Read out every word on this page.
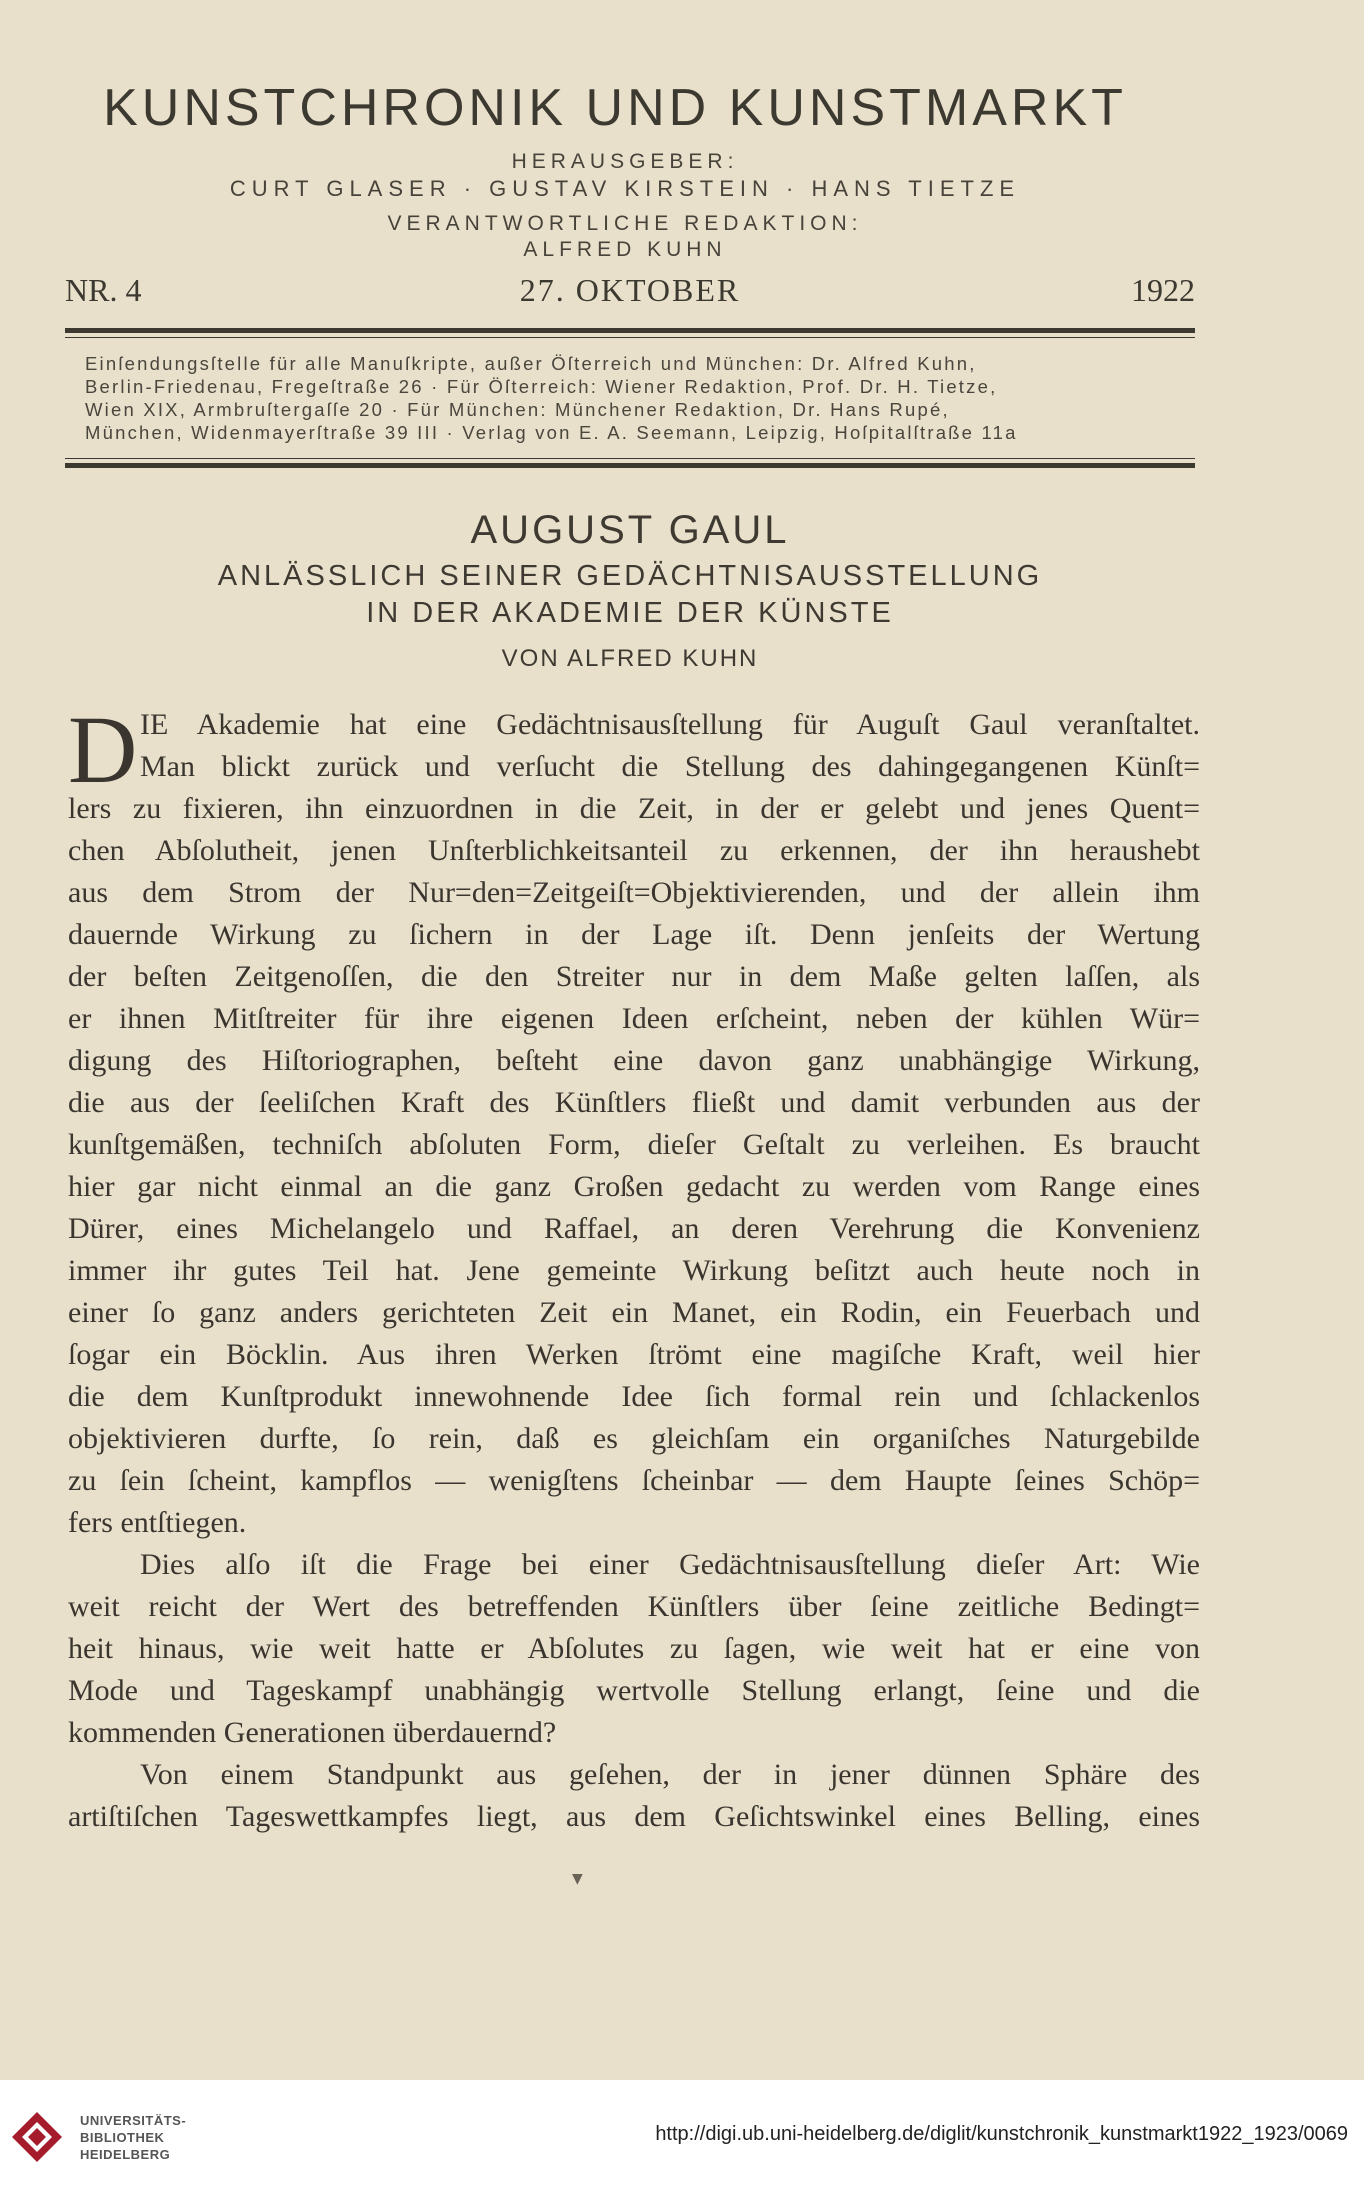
KUNSTCHRONIK UND KUNSTMARKT
HERAUSGEBER:
CURT GLASER · GUSTAV KIRSTEIN · HANS TIETZE
VERANTWORTLICHE REDAKTION:
ALFRED KUHN
NR. 4	27. OKTOBER	1922
Einſendungsſtelle für alle Manuſkripte, außer Öſterreich und München: Dr. Alfred Kuhn,
Berlin-Friedenau, Fregeſtraße 26 · Für Öſterreich: Wiener Redaktion, Prof. Dr. H. Tietze,
Wien XIX, Armbruſtergaſſe 20 · Für München: Münchener Redaktion, Dr. Hans Rupé,
München, Widenmayerſtraße 39 III · Verlag von E. A. Seemann, Leipzig, Hoſpitalſtraße 11a
AUGUST GAUL
ANLÄSSLICH SEINER GEDÄCHTNISAUSSTELLUNG
IN DER AKADEMIE DER KÜNSTE
VON ALFRED KUHN
D IE Akademie hat eine Gedächtnisausſtellung für Auguſt Gaul veranſtaltet.
Man blickt zurück und verſucht die Stellung des dahingegangenen Künſt=
lers zu fixieren, ihn einzuordnen in die Zeit, in der er gelebt und jenes Quent=
chen Abſolutheit, jenen Unſterblichkeitsanteil zu erkennen, der ihn heraushebt
aus dem Strom der Nur=den=Zeitgeiſt=Objektivierenden, und der allein ihm
dauernde Wirkung zu ſichern in der Lage iſt. Denn jenſeits der Wertung
der beſten Zeitgenoſſen, die den Streiter nur in dem Maße gelten laſſen, als
er ihnen Mitſtreiter für ihre eigenen Ideen erſcheint, neben der kühlen Wür=
digung des Hiſtoriographen, beſteht eine davon ganz unabhängige Wirkung,
die aus der ſeeliſchen Kraft des Künſtlers fließt und damit verbunden aus der
kunſtgemäßen, techniſch abſoluten Form, dieſer Geſtalt zu verleihen. Es braucht
hier gar nicht einmal an die ganz Großen gedacht zu werden vom Range eines
Dürer, eines Michelangelo und Raffael, an deren Verehrung die Konvenienz
immer ihr gutes Teil hat. Jene gemeinte Wirkung beſitzt auch heute noch in
einer ſo ganz anders gerichteten Zeit ein Manet, ein Rodin, ein Feuerbach und
ſogar ein Böcklin. Aus ihren Werken ſtrömt eine magiſche Kraft, weil hier
die dem Kunſtprodukt innewohnende Idee ſich formal rein und ſchlackenlos
objektivieren durfte, ſo rein, daß es gleichſam ein organiſches Naturgebilde
zu ſein ſcheint, kampflos — wenigſtens ſcheinbar — dem Haupte ſeines Schöp=
fers entſtiegen.
Dies alſo iſt die Frage bei einer Gedächtnisausſtellung dieſer Art: Wie
weit reicht der Wert des betreffenden Künſtlers über ſeine zeitliche Bedingt=
heit hinaus, wie weit hatte er Abſolutes zu ſagen, wie weit hat er eine von
Mode und Tageskampf unabhängig wertvolle Stellung erlangt, ſeine und die
kommenden Generationen überdauernd?
Von einem Standpunkt aus geſehen, der in jener dünnen Sphäre des
artiſtiſchen Tageswettkampfes liegt, aus dem Geſichtswinkel eines Belling, eines
▼
UNIVERSITÄTS-
BIBLIOTHEK
HEIDELBERG
http://digi.ub.uni-heidelberg.de/diglit/kunstchronik_kunstmarkt1922_1923/0069
